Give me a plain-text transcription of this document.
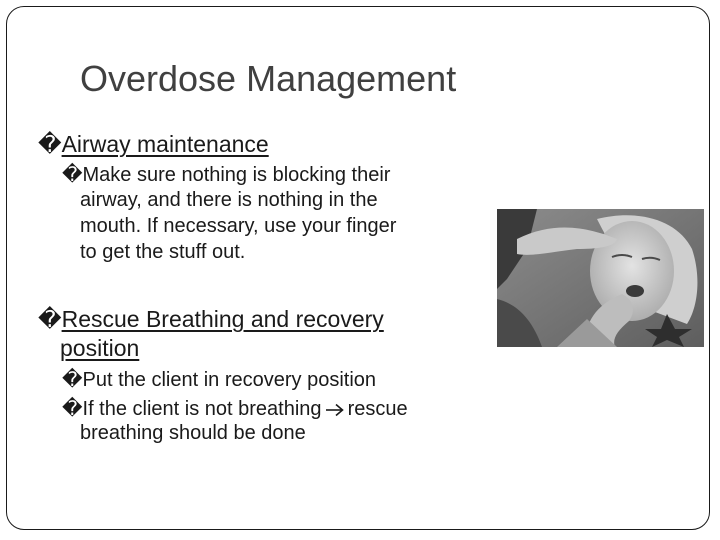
Overdose Management
�Airway maintenance
�Make sure nothing is blocking their
airway, and there is nothing in the
mouth. If necessary, use your finger
to get the stuff out.
�Rescue Breathing and recovery
position
�Put the client in recovery position
�If the client is not breathing rescue
breathing should be done
